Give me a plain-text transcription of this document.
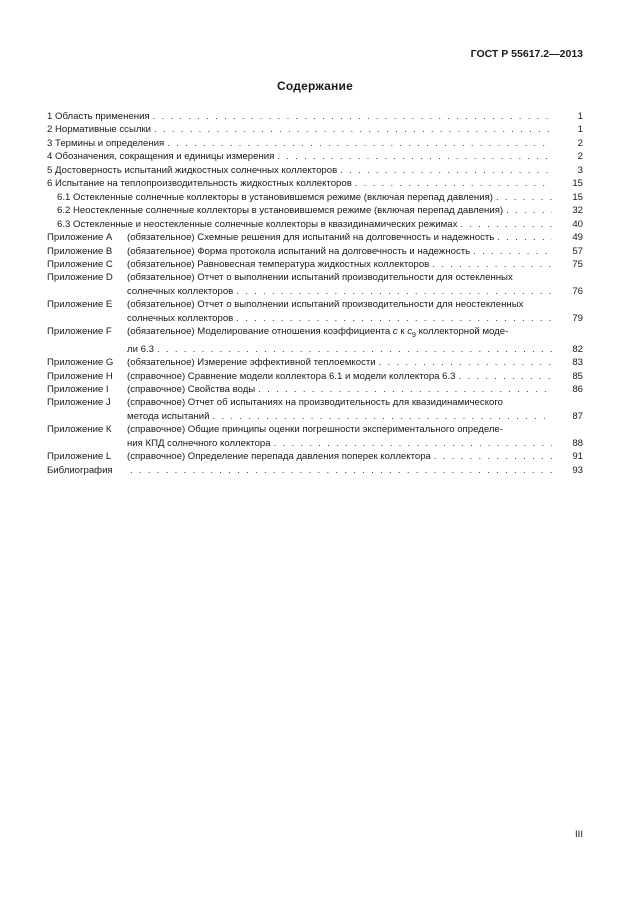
ГОСТ Р 55617.2—2013
Содержание
1 Область применения . . .	1
2 Нормативные ссылки . . .	1
3 Термины и определения . . .	2
4 Обозначения, сокращения и единицы измерения . . .	2
5 Достоверность испытаний жидкостных солнечных коллекторов . . .	3
6 Испытание на теплопроизводительность жидкостных коллекторов . . .	15
6.1 Остекленные солнечные коллекторы в установившемся режиме (включая перепад давления) . . .	15
6.2 Неостекленные солнечные коллекторы в установившемся режиме (включая перепад давления) . . .	32
6.3 Остекленные и неостекленные солнечные коллекторы в квазидинамических режимах . . .	40
Приложение А	(обязательное) Схемные решения для испытаний на долговечность и надежность . . .	49
Приложение В	(обязательное) Форма протокола испытаний на долговечность и надежность . . .	57
Приложение С	(обязательное) Равновесная температура жидкостных коллекторов . . .	75
Приложение D	(обязательное) Отчет о выполнении испытаний производительности для остекленных
солнечных коллекторов . . .	76
Приложение Е	(обязательное) Отчет о выполнении испытаний производительности для неостекленных
солнечных коллекторов . . .	79
Приложение F	(обязательное) Моделирование отношения коэффициента с к $с_9$ коллекторной моде-
ли 6.3 . . .	82
Приложение G	(обязательное) Измерение эффективной теплоемкости . . .	83
Приложение Н	(справочное) Сравнение модели коллектора 6.1 и модели коллектора 6.3 . . .	85
Приложение I	(справочное) Свойства воды . . .	86
Приложение J	(справочное) Отчет об испытаниях на производительность для квазидинамического
метода испытаний . . .	87
Приложение К	(справочное) Общие принципы оценки погрешности экспериментального определе-
ния КПД солнечного коллектора . . .	88
Приложение L	(справочное) Определение перепада давления поперек коллектора . . .	91
Библиография . . .	93
III
